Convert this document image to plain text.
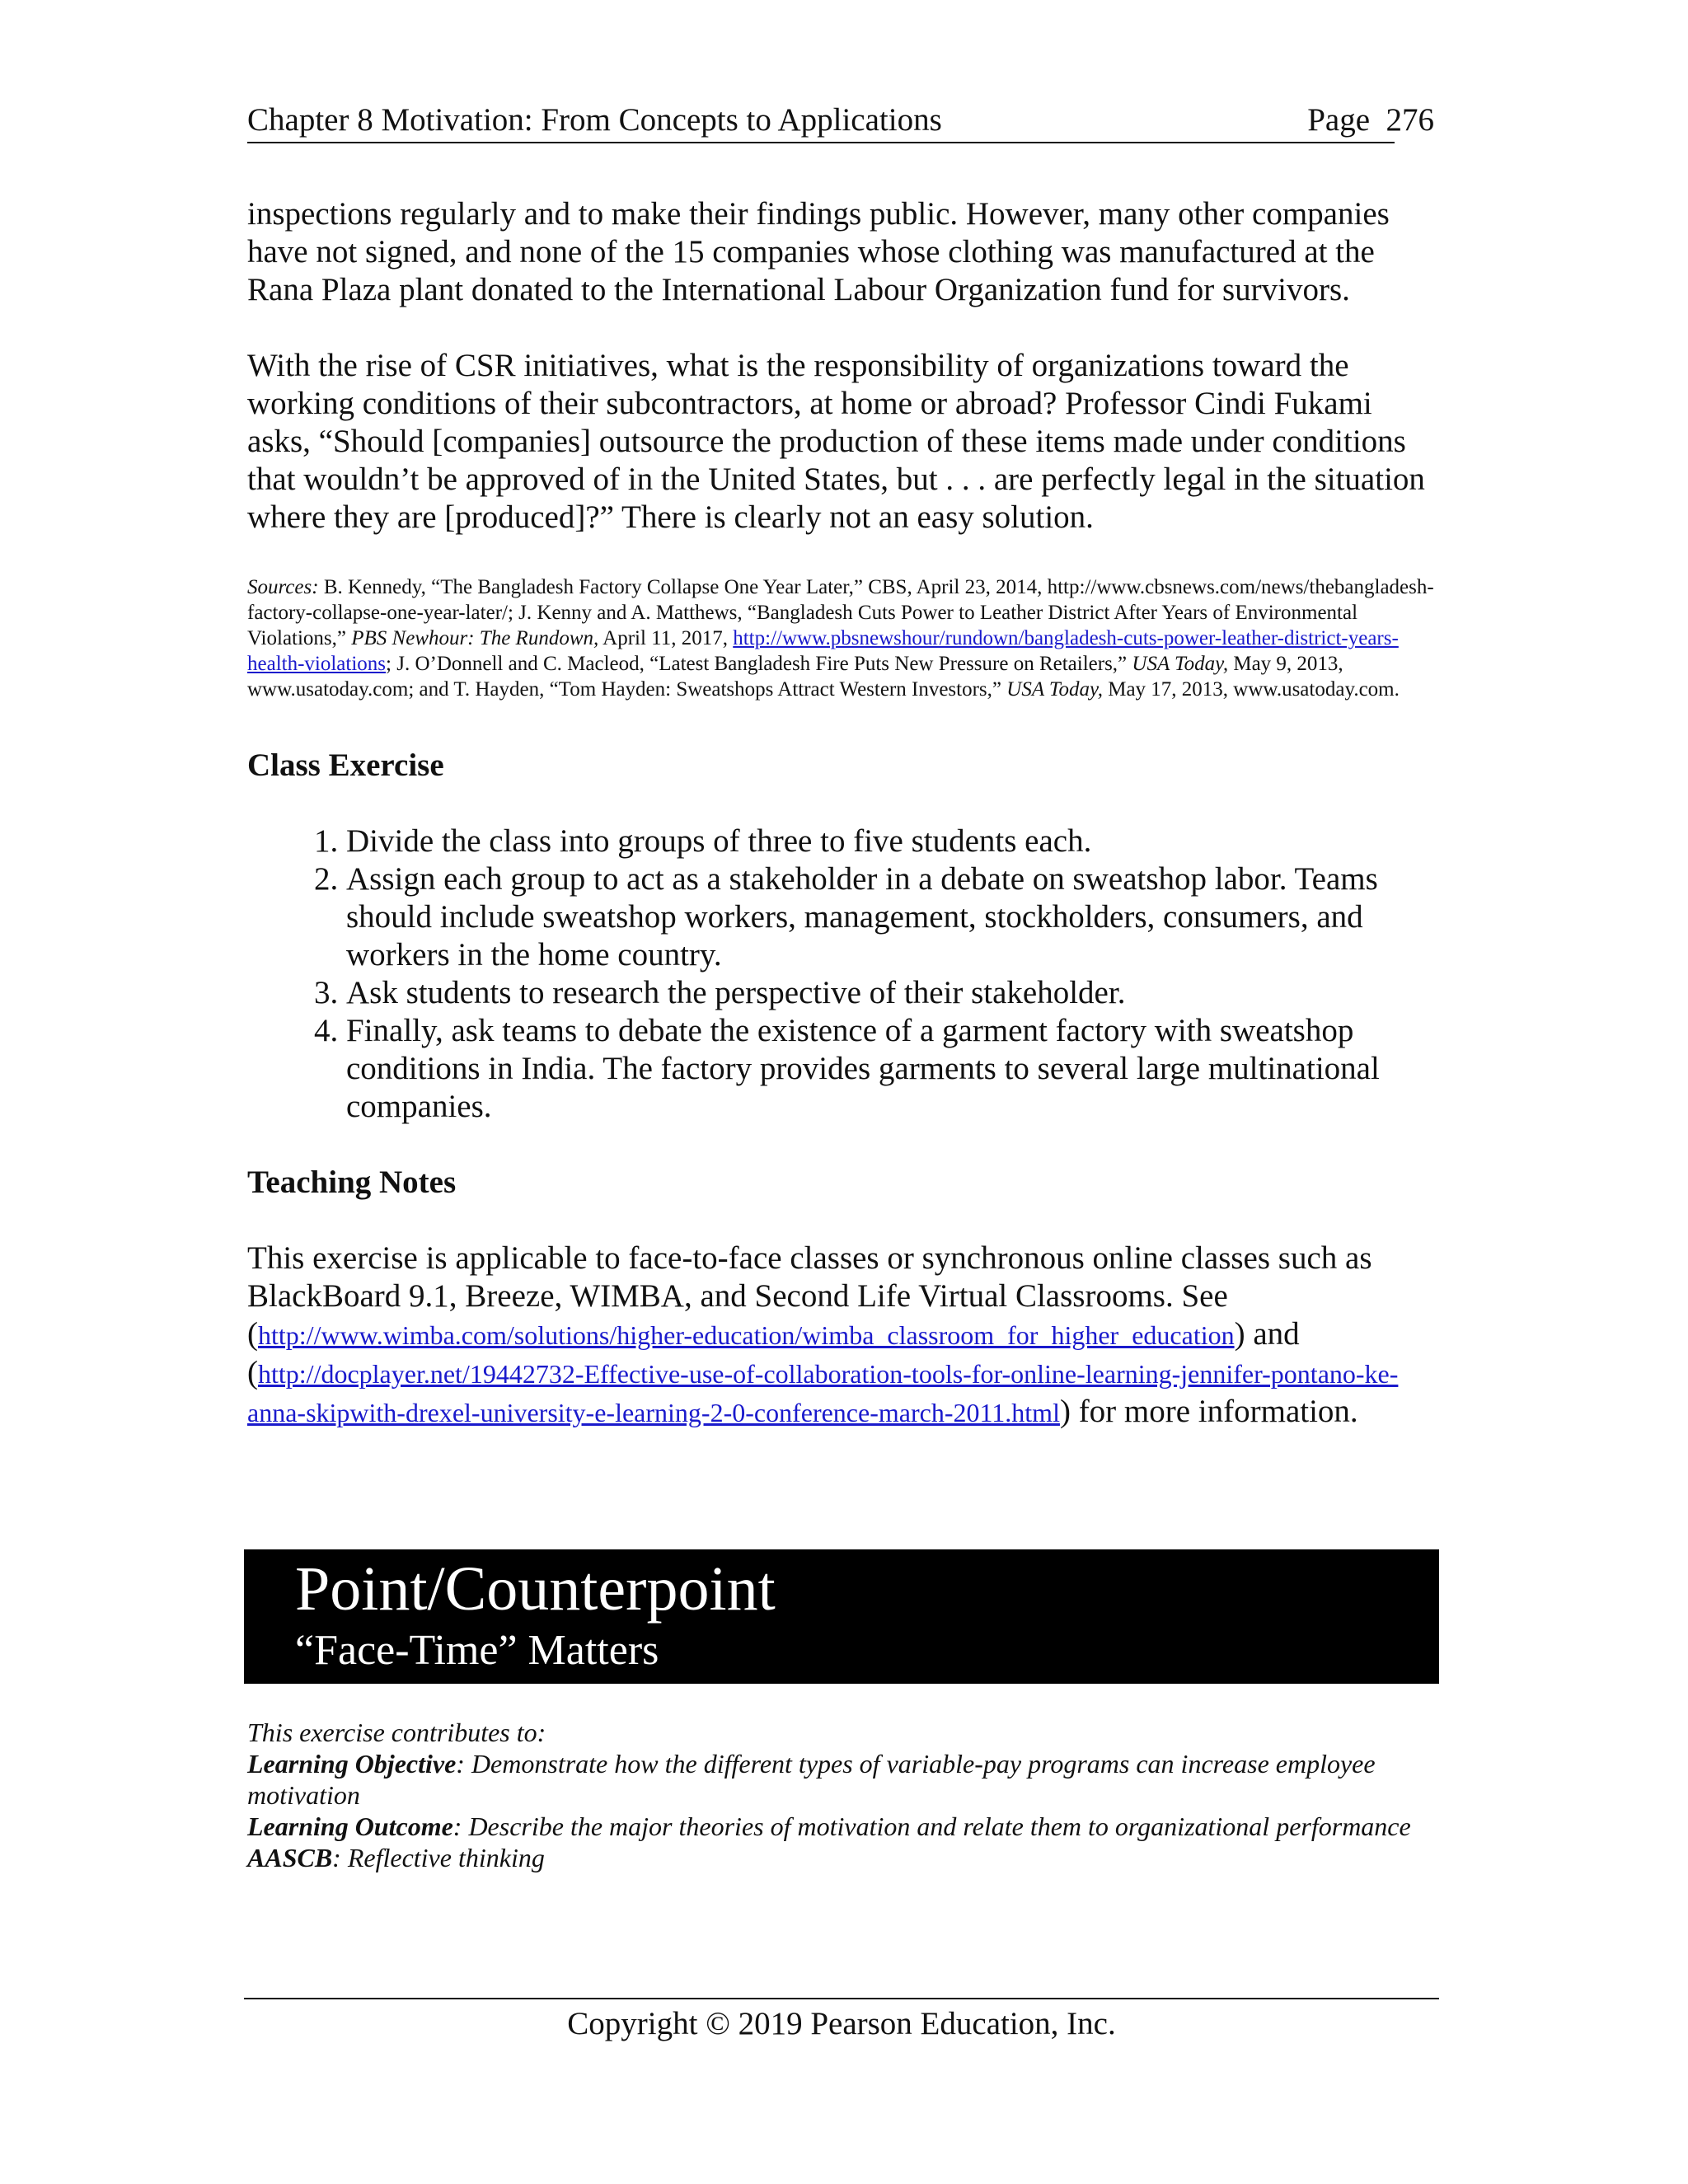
Chapter 8 Motivation: From Concepts to Applications	Page 276

inspections regularly and to make their findings public. However, many other companies have not signed, and none of the 15 companies whose clothing was manufactured at the Rana Plaza plant donated to the International Labour Organization fund for survivors.

With the rise of CSR initiatives, what is the responsibility of organizations toward the working conditions of their subcontractors, at home or abroad? Professor Cindi Fukami asks, “Should [companies] outsource the production of these items made under conditions that wouldn’t be approved of in the United States, but . . . are perfectly legal in the situation where they are [produced]?” There is clearly not an easy solution.

Sources: B. Kennedy, “The Bangladesh Factory Collapse One Year Later,” CBS, April 23, 2014, http://www.cbsnews.com/news/thebangladesh-factory-collapse-one-year-later/; J. Kenny and A. Matthews, “Bangladesh Cuts Power to Leather District After Years of Environmental Violations,” PBS Newhour: The Rundown, April 11, 2017, http://www.pbsnewshour/rundown/bangladesh-cuts-power-leather-district-years-health-violations; J. O’Donnell and C. Macleod, “Latest Bangladesh Fire Puts New Pressure on Retailers,” USA Today, May 9, 2013, www.usatoday.com; and T. Hayden, “Tom Hayden: Sweatshops Attract Western Investors,” USA Today, May 17, 2013, www.usatoday.com.

Class Exercise
1. Divide the class into groups of three to five students each.
2. Assign each group to act as a stakeholder in a debate on sweatshop labor. Teams should include sweatshop workers, management, stockholders, consumers, and workers in the home country.
3. Ask students to research the perspective of their stakeholder.
4. Finally, ask teams to debate the existence of a garment factory with sweatshop conditions in India. The factory provides garments to several large multinational companies.
Teaching Notes

This exercise is applicable to face-to-face classes or synchronous online classes such as BlackBoard 9.1, Breeze, WIMBA, and Second Life Virtual Classrooms. See (http://www.wimba.com/solutions/higher-education/wimba_classroom_for_higher_education) and (http://docplayer.net/19442732-Effective-use-of-collaboration-tools-for-online-learning-jennifer-pontano-ke-anna-skipwith-drexel-university-e-learning-2-0-conference-march-2011.html) for more information.

Point/Counterpoint
“Face-Time” Matters
This exercise contributes to:
Learning Objective: Demonstrate how the different types of variable-pay programs can increase employee motivation
Learning Outcome: Describe the major theories of motivation and relate them to organizational performance
AASCB: Reflective thinking
Copyright © 2019 Pearson Education, Inc.
